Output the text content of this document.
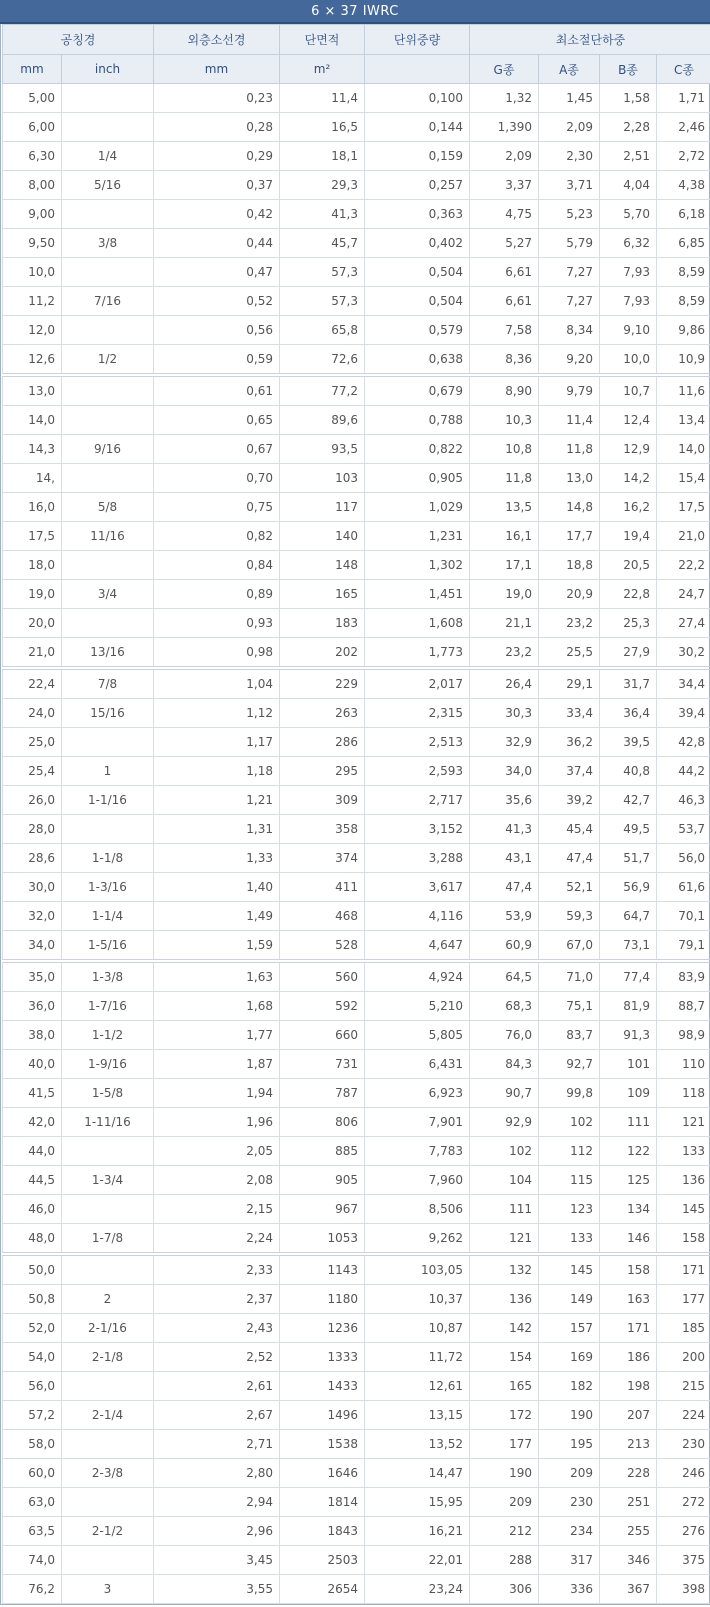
6 × 37 IWRC
공칭경		외층소선경	단면적	단위중량	최소절단하중			
mm	inch	mm	m²		G종	A종	B종	C종
5,00		0,23	11,4	0,100	1,32	1,45	1,58	1,71
6,00		0,28	16,5	0,144	1,390	2,09	2,28	2,46
6,30	1/4	0,29	18,1	0,159	2,09	2,30	2,51	2,72
8,00	5/16	0,37	29,3	0,257	3,37	3,71	4,04	4,38
9,00		0,42	41,3	0,363	4,75	5,23	5,70	6,18
9,50	3/8	0,44	45,7	0,402	5,27	5,79	6,32	6,85
10,0		0,47	57,3	0,504	6,61	7,27	7,93	8,59
11,2	7/16	0,52	57,3	0,504	6,61	7,27	7,93	8,59
12,0		0,56	65,8	0,579	7,58	8,34	9,10	9,86
12,6	1/2	0,59	72,6	0,638	8,36	9,20	10,0	10,9
13,0		0,61	77,2	0,679	8,90	9,79	10,7	11,6
14,0		0,65	89,6	0,788	10,3	11,4	12,4	13,4
14,3	9/16	0,67	93,5	0,822	10,8	11,8	12,9	14,0
14,		0,70	103	0,905	11,8	13,0	14,2	15,4
16,0	5/8	0,75	117	1,029	13,5	14,8	16,2	17,5
17,5	11/16	0,82	140	1,231	16,1	17,7	19,4	21,0
18,0		0,84	148	1,302	17,1	18,8	20,5	22,2
19,0	3/4	0,89	165	1,451	19,0	20,9	22,8	24,7
20,0		0,93	183	1,608	21,1	23,2	25,3	27,4
21,0	13/16	0,98	202	1,773	23,2	25,5	27,9	30,2
22,4	7/8	1,04	229	2,017	26,4	29,1	31,7	34,4
24,0	15/16	1,12	263	2,315	30,3	33,4	36,4	39,4
25,0		1,17	286	2,513	32,9	36,2	39,5	42,8
25,4	1	1,18	295	2,593	34,0	37,4	40,8	44,2
26,0	1-1/16	1,21	309	2,717	35,6	39,2	42,7	46,3
28,0		1,31	358	3,152	41,3	45,4	49,5	53,7
28,6	1-1/8	1,33	374	3,288	43,1	47,4	51,7	56,0
30,0	1-3/16	1,40	411	3,617	47,4	52,1	56,9	61,6
32,0	1-1/4	1,49	468	4,116	53,9	59,3	64,7	70,1
34,0	1-5/16	1,59	528	4,647	60,9	67,0	73,1	79,1
35,0	1-3/8	1,63	560	4,924	64,5	71,0	77,4	83,9
36,0	1-7/16	1,68	592	5,210	68,3	75,1	81,9	88,7
38,0	1-1/2	1,77	660	5,805	76,0	83,7	91,3	98,9
40,0	1-9/16	1,87	731	6,431	84,3	92,7	101	110
41,5	1-5/8	1,94	787	6,923	90,7	99,8	109	118
42,0	1-11/16	1,96	806	7,901	92,9	102	111	121
44,0		2,05	885	7,783	102	112	122	133
44,5	1-3/4	2,08	905	7,960	104	115	125	136
46,0		2,15	967	8,506	111	123	134	145
48,0	1-7/8	2,24	1053	9,262	121	133	146	158
50,0		2,33	1143	103,05	132	145	158	171
50,8	2	2,37	1180	10,37	136	149	163	177
52,0	2-1/16	2,43	1236	10,87	142	157	171	185
54,0	2-1/8	2,52	1333	11,72	154	169	186	200
56,0		2,61	1433	12,61	165	182	198	215
57,2	2-1/4	2,67	1496	13,15	172	190	207	224
58,0		2,71	1538	13,52	177	195	213	230
60,0	2-3/8	2,80	1646	14,47	190	209	228	246
63,0		2,94	1814	15,95	209	230	251	272
63,5	2-1/2	2,96	1843	16,21	212	234	255	276
74,0		3,45	2503	22,01	288	317	346	375
76,2	3	3,55	2654	23,24	306	336	367	398
